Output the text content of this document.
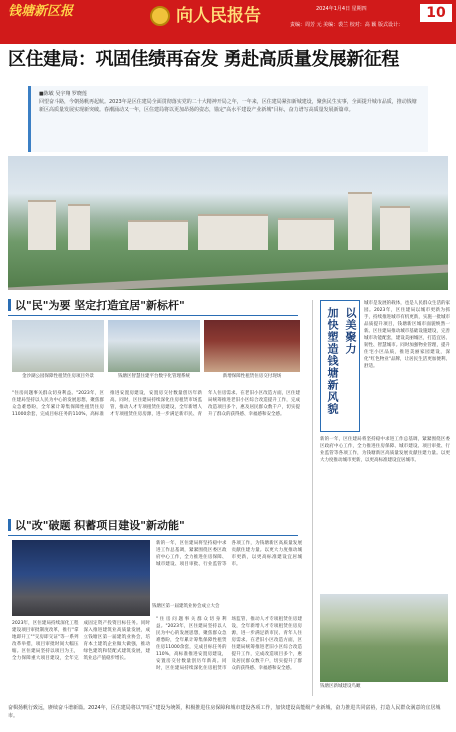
钱塘新区报	向人民报告	2024年1月4日 星期四
责编：周芳 元 美编：裘兰 校对：高 颖 版式设计：
10
区住建局：巩固佳绩再奋发 勇赴高质量发展新征程
■陈敏 吴宇翔 罗晓莲
回望奋斗路，今朝扬帆再起航。2023年是区住建局全面贯彻落实党的二十大精神开局之年，一年来，区住建局紧扣新城建设，聚焦民生实事，全面提升城市品质，推动钱塘新区高质量发展实现新突破。春潮涌动又一年，区住建局将以更加昂扬的姿态，锚定"高水平建设产业新城"目标，奋力谱写高质量发展新篇章。
以"民"为要 坚定打造宜居"新标杆"
金沙湖公园保障性租赁住房项目外景	钱塘区智慧住建平台数字化管理系统	新增保障性租赁住房交付现场
"住房问题事关群众切身利益。"2023年，区住建局坚持以人民为中心的发展思想，聚焦群众急难愁盼，全年累计筹集保障性租赁住房11000余套，完成目标任务的110%，高标准推进安置房建设，安置房交付数量创历年新高。同时，区住建局持续深化住房租赁市场监管，推动人才专项租赁住房建设，全年新增人才专项租赁住房房源，进一步满足新市民、青年人住房需求。在老旧小区改造方面，区住建局统筹推进老旧小区综合改造提升工作，完成改造项目多个，惠及居民群众数千户，切实提升了群众的获得感、幸福感和安全感。
以"改"破题 积蓄项目建设"新动能"
钱塘区第一届建筑业协会成立大会
2023年，区住建局持续深化工程建设项目审批制度改革，推行"拿地即开工""交房即交证"等一系列改革举措，项目审批时间大幅压缩。区住建局坚持以项目为王，全力保障重大项目建设，全年完成固定资产投资目标任务。同时深入推进建筑业高质量发展，成立钱塘区第一届建筑业协会，培育本土建筑企业做大做强，推动绿色建筑和装配式建筑发展，建筑业总产值稳步增长。
新的一年，区住建局将坚持稳中求进工作总基调，紧紧围绕区委区政府中心工作，全力推进住房保障、城市建设、项目审批、行业监管等各项工作，为钱塘新区高质量发展贡献住建力量。以更大力度推动城市更新，以更高标准建设宜居城市。
"住房问题事关群众切身利益。"2023年，区住建局坚持以人民为中心的发展思想，聚焦群众急难愁盼，全年累计筹集保障性租赁住房11000余套，完成目标任务的110%，高标准推进安置房建设，安置房交付数量创历年新高。同时，区住建局持续深化住房租赁市场监管，推动人才专项租赁住房建设，全年新增人才专项租赁住房房源，进一步满足新市民、青年人住房需求。在老旧小区改造方面，区住建局统筹推进老旧小区综合改造提升工作，完成改造项目多个，惠及居民群众数千户，切实提升了群众的获得感、幸福感和安全感。
以美聚力
加快塑造钱塘新风貌
城市是发展的载体，也是人民群众生活的家园。2023年，区住建局以城市更新为抓手，持续推进城市有机更新，实施一批城市品质提升项目，钱塘新区城市面貌焕然一新。区住建局推动城市基础设施建设，完善城市功能配套，建设美丽城区，打造宜居、韧性、智慧城市。同时加强物业管理，提升住宅小区品质，推进美丽家园建设，深化"红色物业"品牌，让居民生活更加便利、舒适。
新的一年，区住建局将坚持稳中求进工作总基调，紧紧围绕区委区政府中心工作，全力推进住房保障、城市建设、项目审批、行业监管等各项工作，为钱塘新区高质量发展贡献住建力量。以更大力度推动城市更新，以更高标准建设宜居城市。
钱塘区新城建设鸟瞰
奋楫扬帆行致远，赓续奋斗谱新篇。2024年，区住建局将以"四区"建设为统领，积极推进住房保障和城市建设各项工作，加快建设高能级产业新城，奋力推进共同富裕，打造人民群众满意的宜居城市。
